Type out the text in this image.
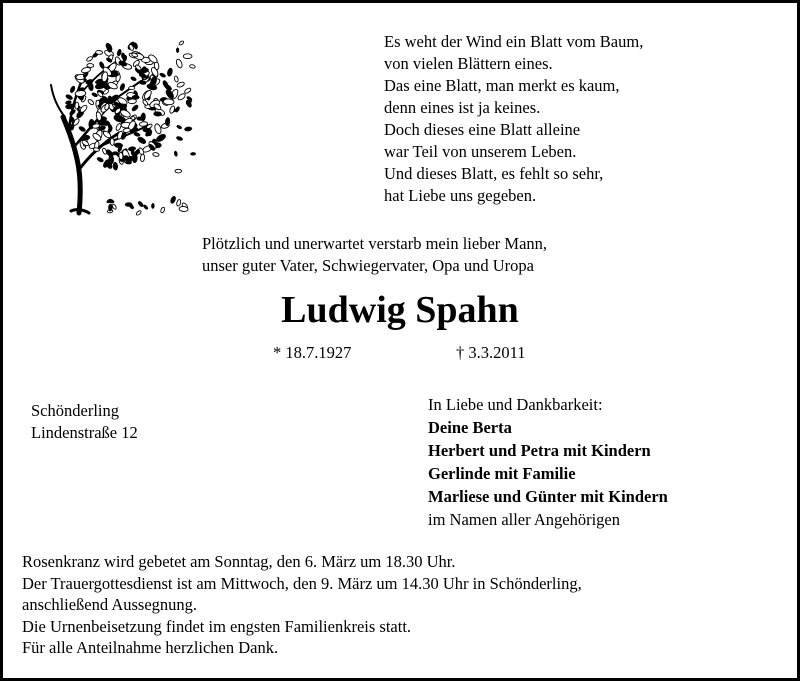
Es weht der Wind ein Blatt vom Baum,
von vielen Blättern eines.
Das eine Blatt, man merkt es kaum,
denn eines ist ja keines.
Doch dieses eine Blatt alleine
war Teil von unserem Leben.
Und dieses Blatt, es fehlt so sehr,
hat Liebe uns gegeben.
Plötzlich und unerwartet verstarb mein lieber Mann,
unser guter Vater, Schwiegervater, Opa und Uropa
Ludwig Spahn
* 18.7.1927	† 3.3.2011
Schönderling
Lindenstraße 12
In Liebe und Dankbarkeit:
Deine Berta
Herbert und Petra mit Kindern
Gerlinde mit Familie
Marliese und Günter mit Kindern
im Namen aller Angehörigen
Rosenkranz wird gebetet am Sonntag, den 6. März um 18.30 Uhr.
Der Trauergottesdienst ist am Mittwoch, den 9. März um 14.30 Uhr in Schönderling,
anschließend Aussegnung.
Die Urnenbeisetzung findet im engsten Familienkreis statt.
Für alle Anteilnahme herzlichen Dank.
